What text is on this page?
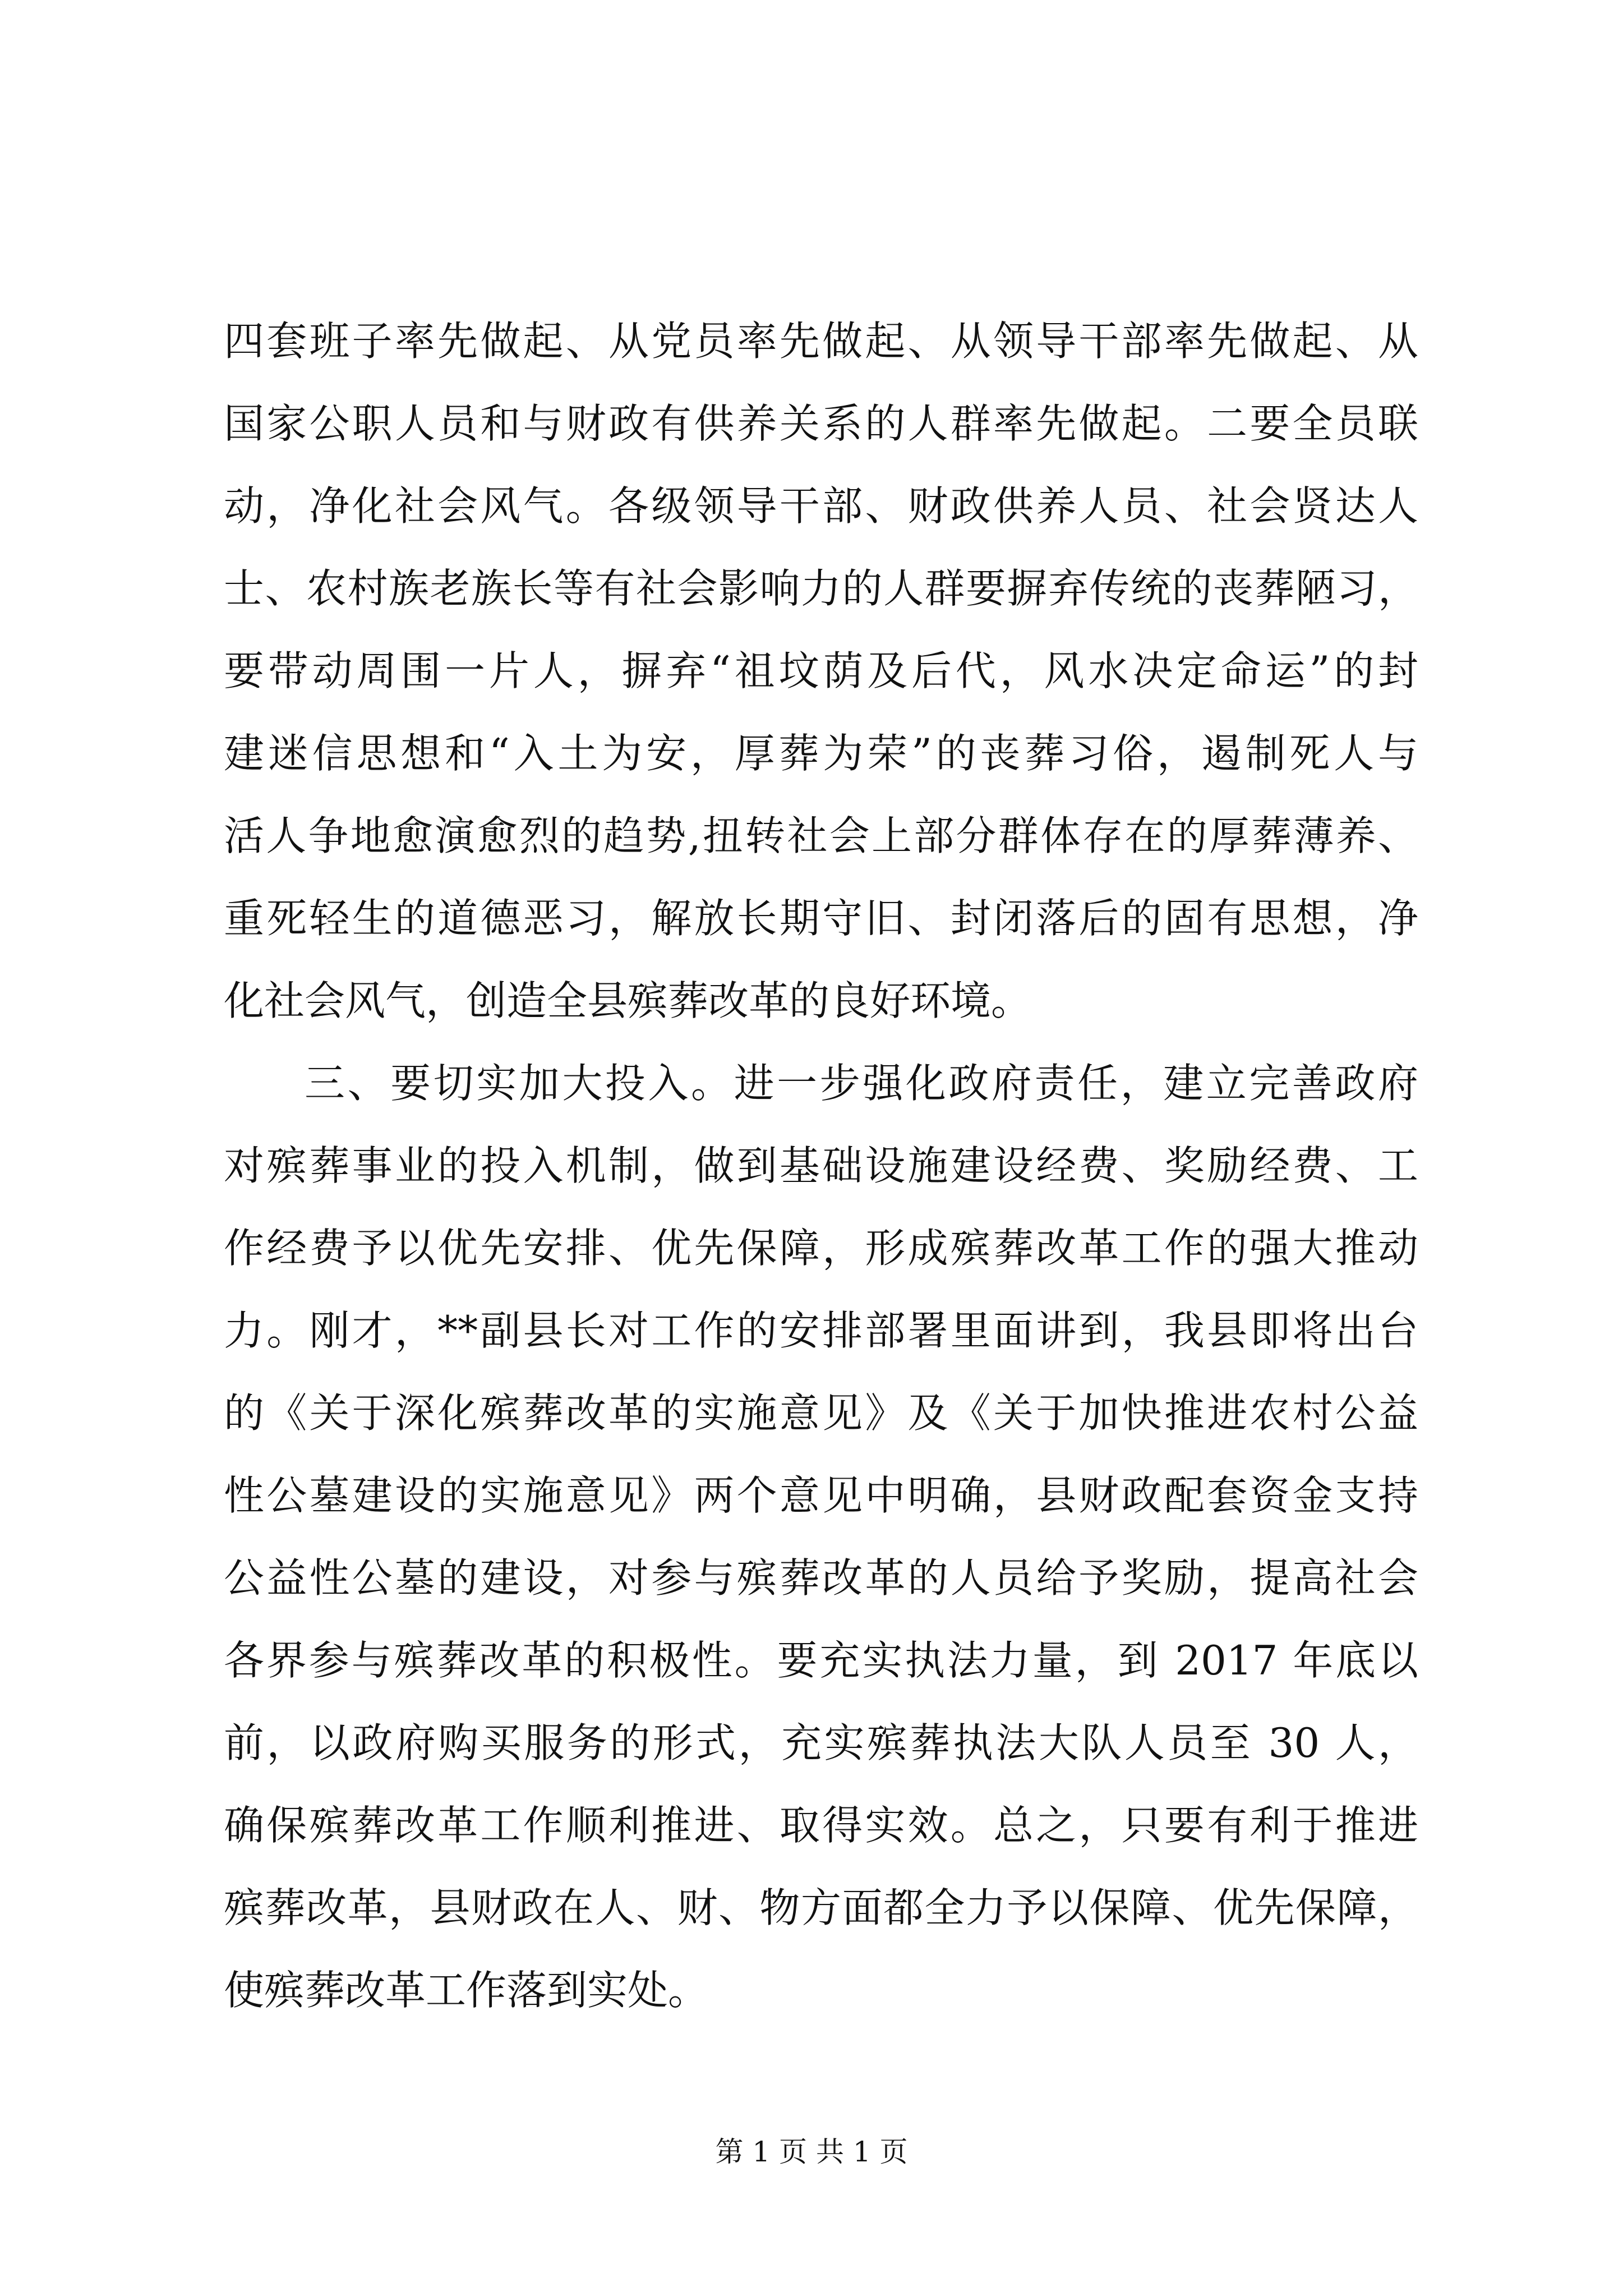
四套班子率先做起、从党员率先做起、从领导干部率先做起、从
国家公职人员和与财政有供养关系的人群率先做起。二要全员联
动，净化社会风气。各级领导干部、财政供养人员、社会贤达人
士、农村族老族长等有社会影响力的人群要摒弃传统的丧葬陋习，
要带动周围一片人，摒弃“祖坟荫及后代，风水决定命运”的封
建迷信思想和“入土为安，厚葬为荣”的丧葬习俗，遏制死人与
活人争地愈演愈烈的趋势,扭转社会上部分群体存在的厚葬薄养、
重死轻生的道德恶习，解放长期守旧、封闭落后的固有思想，净
化社会风气，创造全县殡葬改革的良好环境。
三、要切实加大投入。进一步强化政府责任，建立完善政府
对殡葬事业的投入机制，做到基础设施建设经费、奖励经费、工
作经费予以优先安排、优先保障，形成殡葬改革工作的强大推动
力。刚才，**副县长对工作的安排部署里面讲到，我县即将出台
的《关于深化殡葬改革的实施意见》及《关于加快推进农村公益
性公墓建设的实施意见》两个意见中明确，县财政配套资金支持
公益性公墓的建设，对参与殡葬改革的人员给予奖励，提高社会
各界参与殡葬改革的积极性。要充实执法力量，到 2017 年底以
前，以政府购买服务的形式，充实殡葬执法大队人员至 30 人，
确保殡葬改革工作顺利推进、取得实效。总之，只要有利于推进
殡葬改革，县财政在人、财、物方面都全力予以保障、优先保障，
使殡葬改革工作落到实处。
第 1 页 共 1 页
